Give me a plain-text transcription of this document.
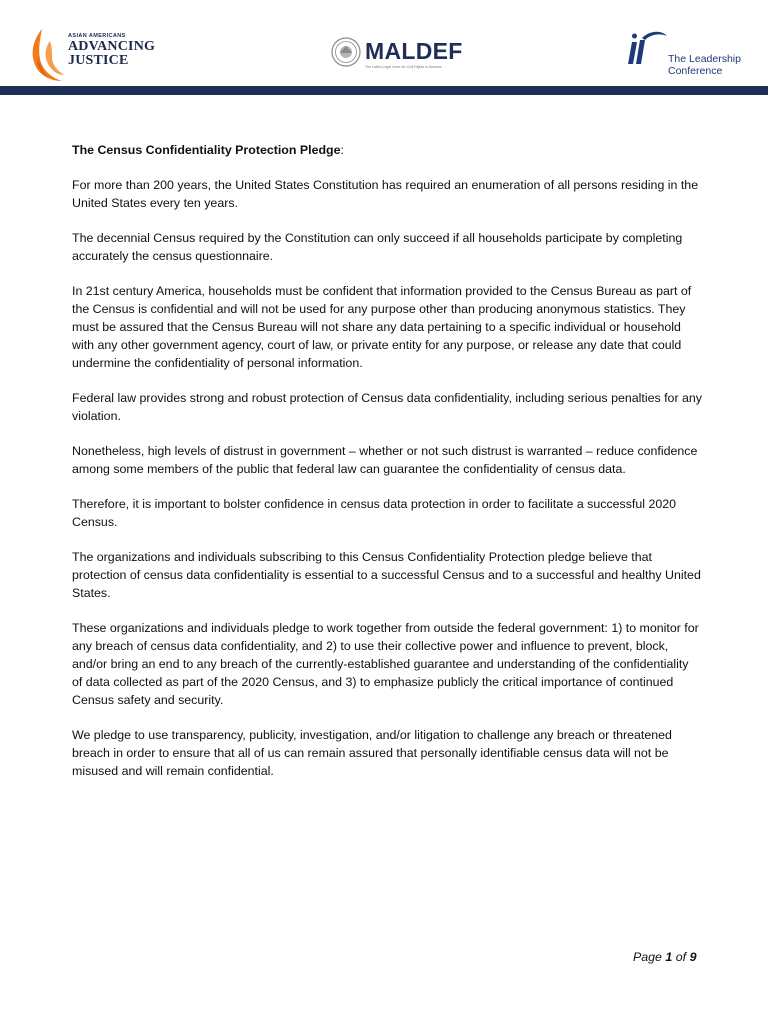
ASIAN AMERICANS
ADVANCING
JUSTICE	MALDEF
The Latino Legal Voice for Civil Rights in America
The Leadership
Conference
The Census Confidentiality Protection Pledge:

For more than 200 years, the United States Constitution has required an enumeration of all persons residing in the United States every ten years.

The decennial Census required by the Constitution can only succeed if all households participate by completing accurately the census questionnaire.

In 21st century America, households must be confident that information provided to the Census Bureau as part of the Census is confidential and will not be used for any purpose other than producing anonymous statistics. They must be assured that the Census Bureau will not share any data pertaining to a specific individual or household with any other government agency, court of law, or private entity for any purpose, or release any date that could undermine the confidentiality of personal information.

Federal law provides strong and robust protection of Census data confidentiality, including serious penalties for any violation.

Nonetheless, high levels of distrust in government – whether or not such distrust is warranted – reduce confidence among some members of the public that federal law can guarantee the confidentiality of census data.

Therefore, it is important to bolster confidence in census data protection in order to facilitate a successful 2020 Census.

The organizations and individuals subscribing to this Census Confidentiality Protection pledge believe that protection of census data confidentiality is essential to a successful Census and to a successful and healthy United States.

These organizations and individuals pledge to work together from outside the federal government: 1) to monitor for any breach of census data confidentiality, and 2) to use their collective power and influence to prevent, block, and/or bring an end to any breach of the currently-established guarantee and understanding of the confidentiality of data collected as part of the 2020 Census, and 3) to emphasize publicly the critical importance of continued Census safety and security.

We pledge to use transparency, publicity, investigation, and/or litigation to challenge any breach or threatened breach in order to ensure that all of us can remain assured that personally identifiable census data will not be misused and will remain confidential.

Page 1 of 9
